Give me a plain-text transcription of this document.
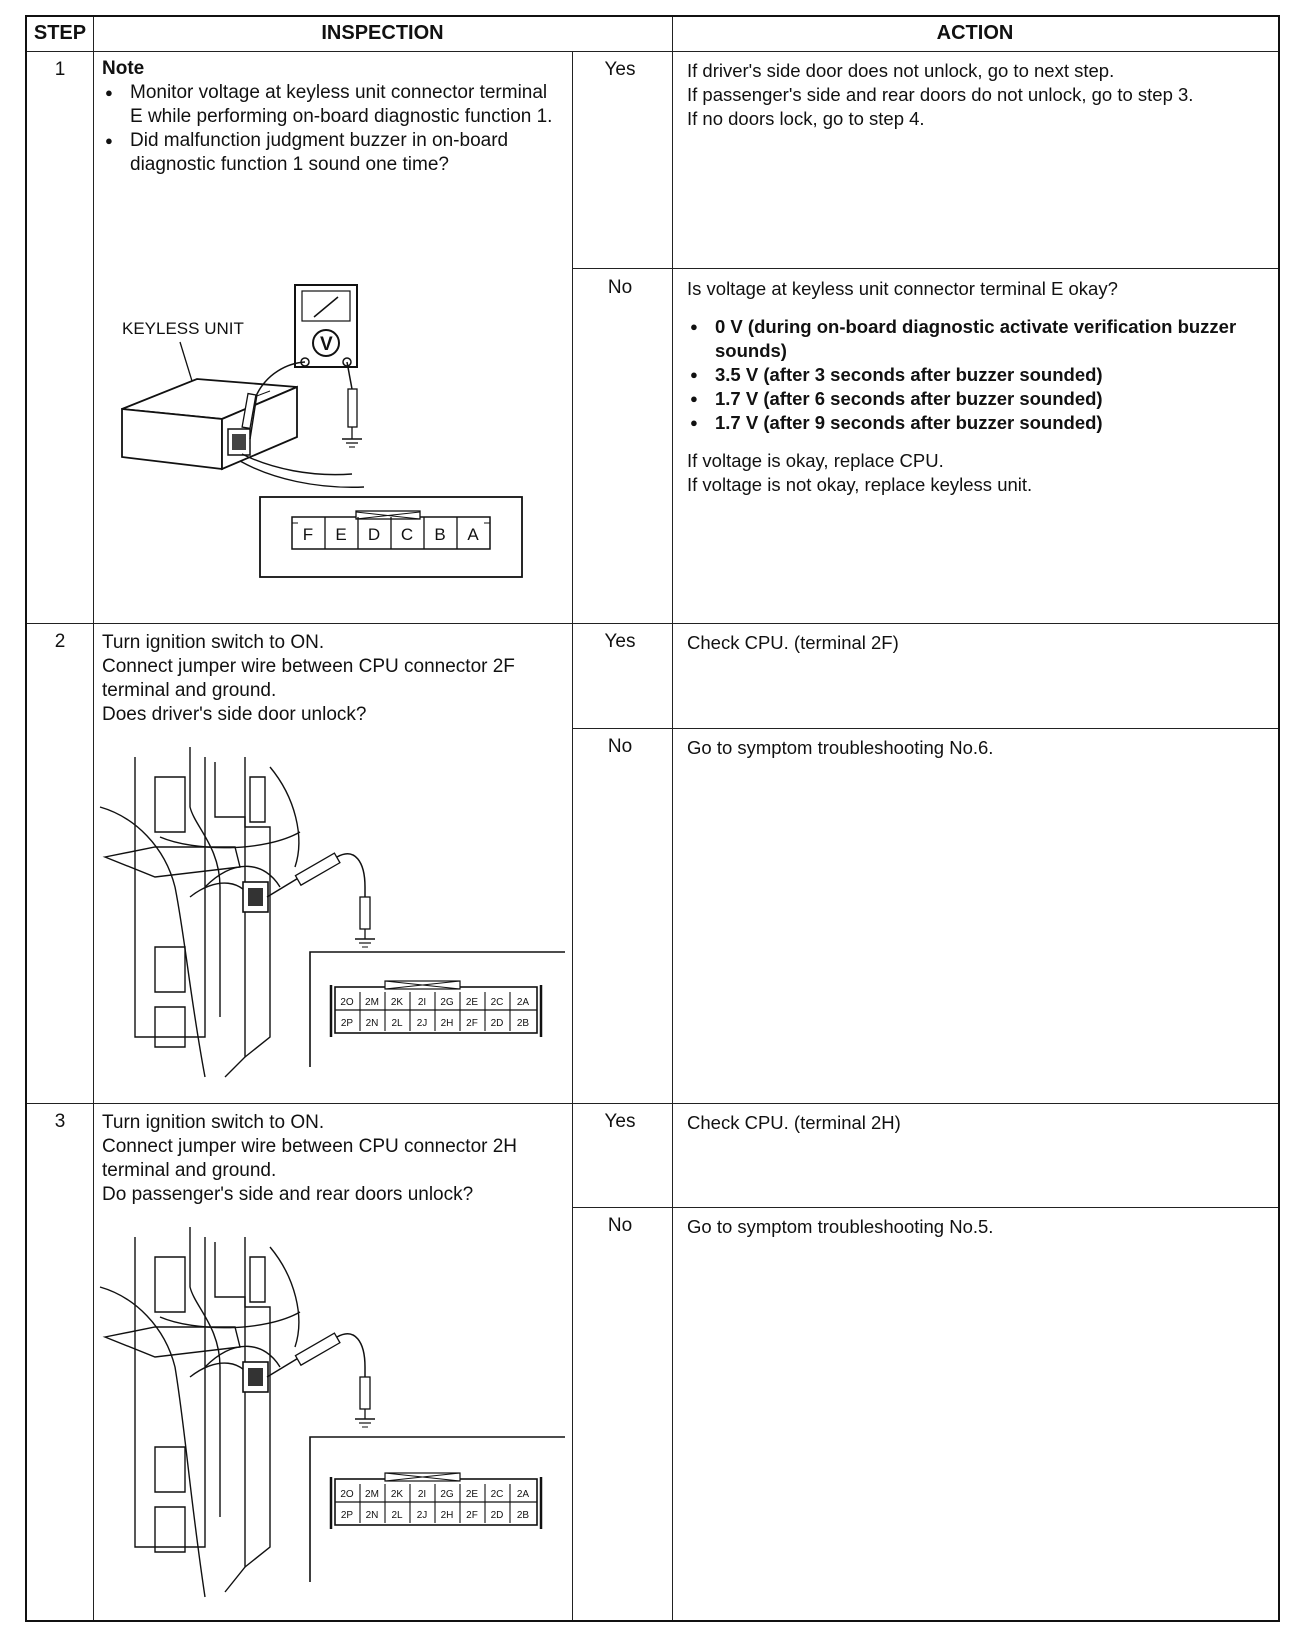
STEP	INSPECTION	ACTION
1	Note
● Monitor voltage at keyless unit connector terminal E while performing on-board diagnostic function 1.
● Did malfunction judgment buzzer in on-board diagnostic function 1 sound one time?
KEYLESS UNIT
V
F E D C B A
Yes	If driver's side door does not unlock, go to next step.
If passenger's side and rear doors do not unlock, go to step 3.
If no doors lock, go to step 4.
No	Is voltage at keyless unit connector terminal E okay?
● 0 V (during on-board diagnostic activate verification buzzer sounds)
● 3.5 V (after 3 seconds after buzzer sounded)
● 1.7 V (after 6 seconds after buzzer sounded)
● 1.7 V (after 9 seconds after buzzer sounded)
If voltage is okay, replace CPU.
If voltage is not okay, replace keyless unit.
2	Turn ignition switch to ON.
Connect jumper wire between CPU connector 2F terminal and ground.
Does driver's side door unlock?
2O 2M 2K 2I 2G 2E 2C 2A
2P 2N 2L 2J 2H 2F 2D 2B
Yes	Check CPU. (terminal 2F)
No	Go to symptom troubleshooting No.6.
3	Turn ignition switch to ON.
Connect jumper wire between CPU connector 2H terminal and ground.
Do passenger's side and rear doors unlock?
2O 2M 2K 2I 2G 2E 2C 2A
2P 2N 2L 2J 2H 2F 2D 2B
Yes	Check CPU. (terminal 2H)
No	Go to symptom troubleshooting No.5.
